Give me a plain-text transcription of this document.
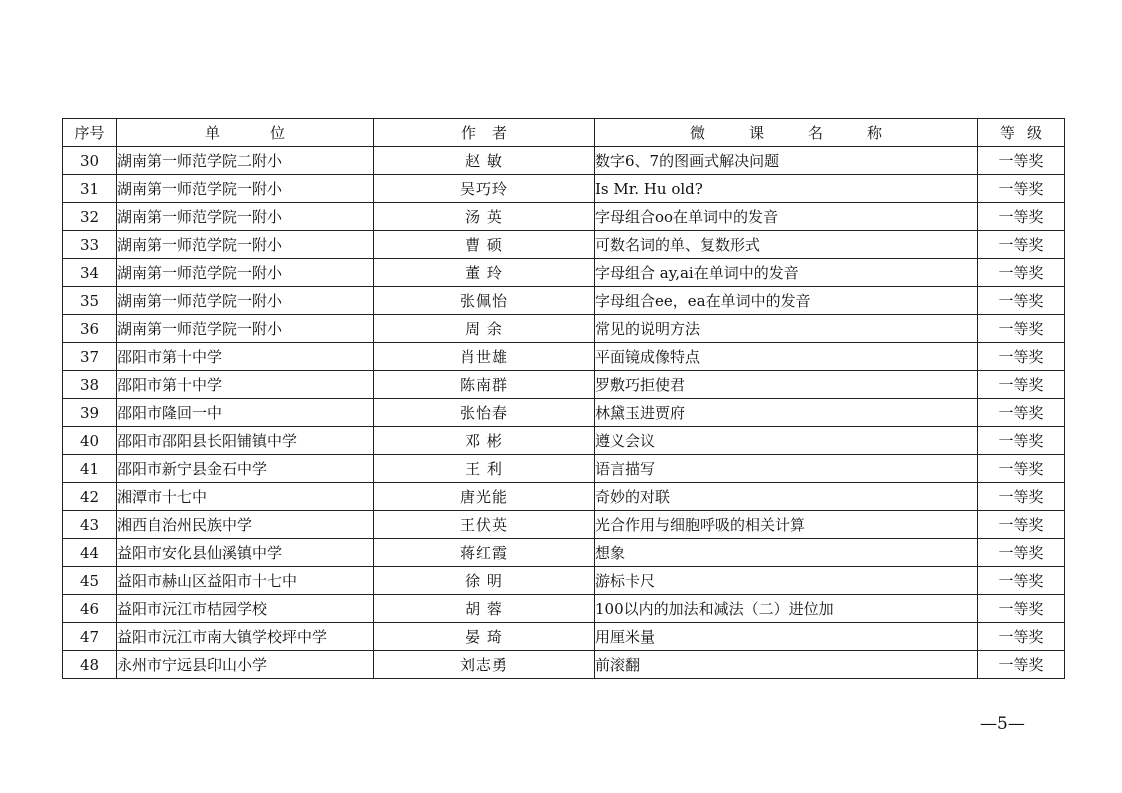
序号	单位	作者	微课名称	等级
30	湖南第一师范学院二附小	赵 敏	数字6、7的图画式解决问题	一等奖
31	湖南第一师范学院一附小	吴巧玲	Is Mr. Hu old?	一等奖
32	湖南第一师范学院一附小	汤 英	字母组合oo在单词中的发音	一等奖
33	湖南第一师范学院一附小	曹 硕	可数名词的单、复数形式	一等奖
34	湖南第一师范学院一附小	董 玲	字母组合 ay,ai在单词中的发音	一等奖
35	湖南第一师范学院一附小	张佩怡	字母组合ee，ea在单词中的发音	一等奖
36	湖南第一师范学院一附小	周 余	常见的说明方法	一等奖
37	邵阳市第十中学	肖世雄	平面镜成像特点	一等奖
38	邵阳市第十中学	陈南群	罗敷巧拒使君	一等奖
39	邵阳市隆回一中	张怡春	林黛玉进贾府	一等奖
40	邵阳市邵阳县长阳铺镇中学	邓 彬	遵义会议	一等奖
41	邵阳市新宁县金石中学	王 利	语言描写	一等奖
42	湘潭市十七中	唐光能	奇妙的对联	一等奖
43	湘西自治州民族中学	王伏英	光合作用与细胞呼吸的相关计算	一等奖
44	益阳市安化县仙溪镇中学	蒋红霞	想象	一等奖
45	益阳市赫山区益阳市十七中	徐 明	游标卡尺	一等奖
46	益阳市沅江市桔园学校	胡 蓉	100以内的加法和减法（二）进位加	一等奖
47	益阳市沅江市南大镇学校坪中学	晏 琦	用厘米量	一等奖
48	永州市宁远县印山小学	刘志勇	前滚翻	一等奖
—5—
